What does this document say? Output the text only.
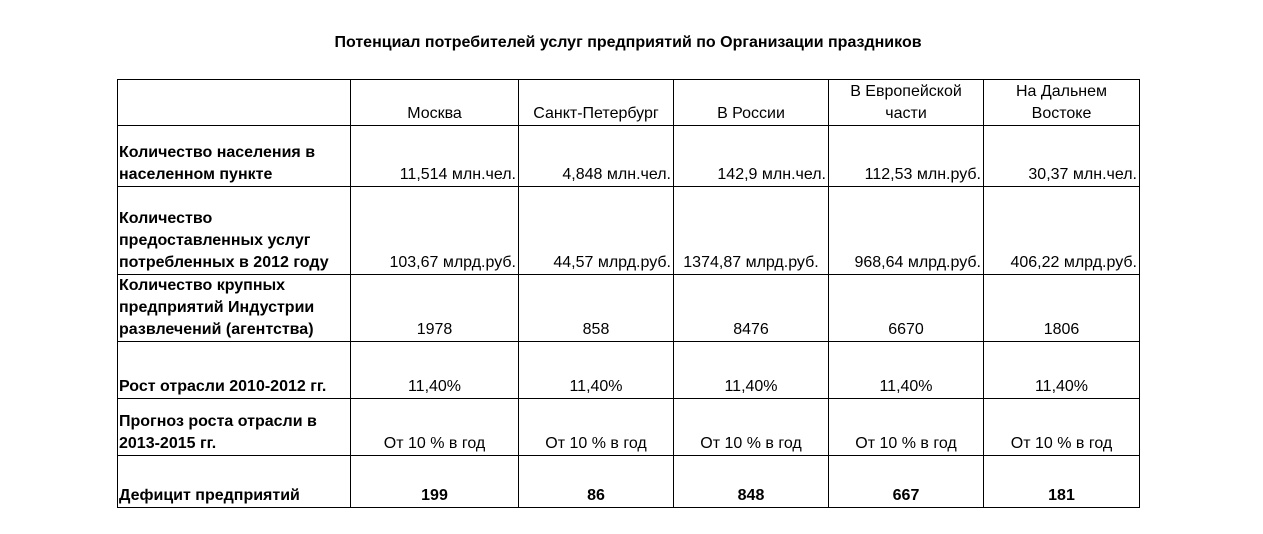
Потенциал потребителей услуг предприятий по Организации праздников
	Москва	Санкт-Петербург	В России	В Европейской части	На Дальнем Востоке
Количество населения в населенном пункте	11,514 млн.чел.	4,848 млн.чел.	142,9 млн.чел.	112,53 млн.руб.	30,37 млн.чел.
Количество предоставленных услуг потребленных в 2012 году	103,67 млрд.руб.	44,57 млрд.руб.	1374,87 млрд.руб.	968,64 млрд.руб.	406,22 млрд.руб.
Количество крупных предприятий Индустрии развлечений (агентства)	1978	858	8476	6670	1806
Рост отрасли 2010-2012 гг.	11,40%	11,40%	11,40%	11,40%	11,40%
Прогноз роста отрасли в 2013-2015 гг.	От 10 % в год	От 10 % в год	От 10 % в год	От 10 % в год	От 10 % в год
Дефицит предприятий	199	86	848	667	181
